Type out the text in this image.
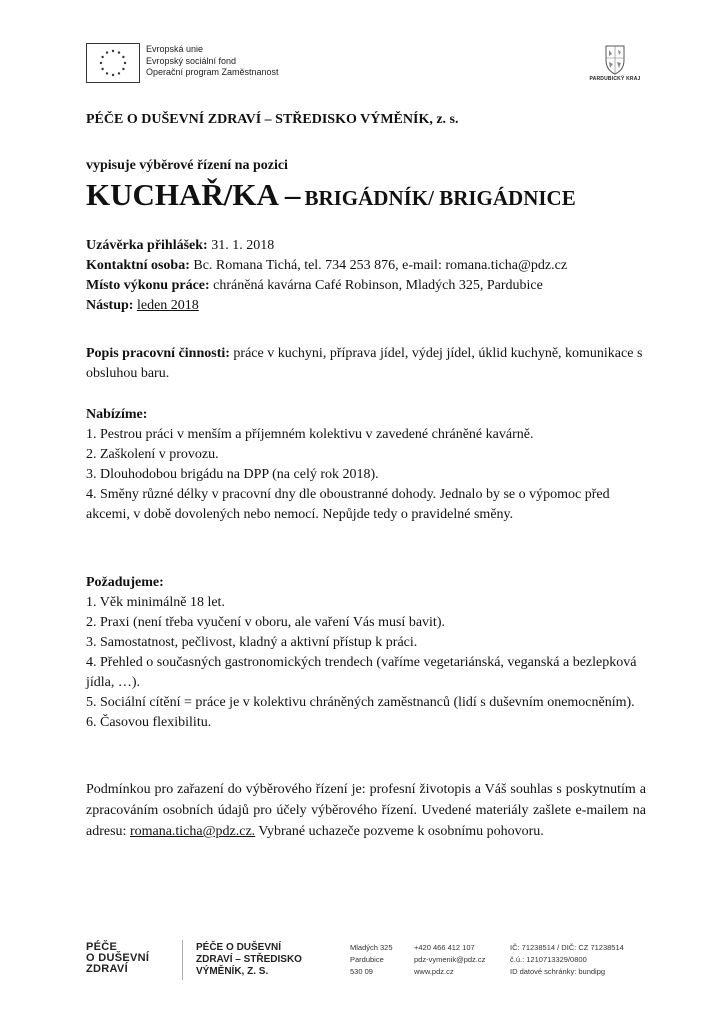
Evropská unie
Evropský sociální fond
Operační program Zaměstnanost
PARDUBICKÝ KRAJ
PÉČE O DUŠEVNÍ ZDRAVÍ – STŘEDISKO VÝMĚNÍK, z. s.
vypisuje výběrové řízení na pozici
KUCHAŘ/KA – BRIGÁDNÍK/ BRIGÁDNICE
Uzávěrka přihlášek: 31. 1. 2018
Kontaktní osoba: Bc. Romana Tichá, tel. 734 253 876, e-mail: romana.ticha@pdz.cz
Místo výkonu práce: chráněná kavárna Café Robinson, Mladých 325, Pardubice
Nástup: leden 2018
Popis pracovní činnosti: práce v kuchyni, příprava jídel, výdej jídel, úklid kuchyně, komunikace s obsluhou baru.
Nabízíme:
1. Pestrou práci v menším a příjemném kolektivu v zavedené chráněné kavárně.
2. Zaškolení v provozu.
3. Dlouhodobou brigádu na DPP (na celý rok 2018).
4. Směny různé délky v pracovní dny dle oboustranné dohody. Jednalo by se o výpomoc před akcemi, v době dovolených nebo nemocí. Nepůjde tedy o pravidelné směny.
Požadujeme:
1. Věk minimálně 18 let.
2. Praxi (není třeba vyučení v oboru, ale vaření Vás musí bavit).
3. Samostatnost, pečlivost, kladný a aktivní přístup k práci.
4. Přehled o současných gastronomických trendech (vaříme vegetariánská, veganská a bezlepková jídla, …).
5. Sociální cítění = práce je v kolektivu chráněných zaměstnanců (lidí s duševním onemocněním).
6. Časovou flexibilitu.
Podmínkou pro zařazení do výběrového řízení je: profesní životopis a Váš souhlas s poskytnutím a zpracováním osobních údajů pro účely výběrového řízení. Uvedené materiály zašlete e-mailem na adresu: romana.ticha@pdz.cz. Vybrané uchazeče pozveme k osobnímu pohovoru.
PÉČE
O DUŠEVNÍ
ZDRAVÍ
PÉČE O DUŠEVNÍ
ZDRAVÍ – STŘEDISKO
VÝMĚNÍK, Z. S.
Mladých 325
Pardubice
530 09
+420 466 412 107
pdz-vymenik@pdz.cz
www.pdz.cz
IČ: 71238514 / DIČ: CZ 71238514
č.ú.: 1210713329/0800
ID datové schránky: bundipg
